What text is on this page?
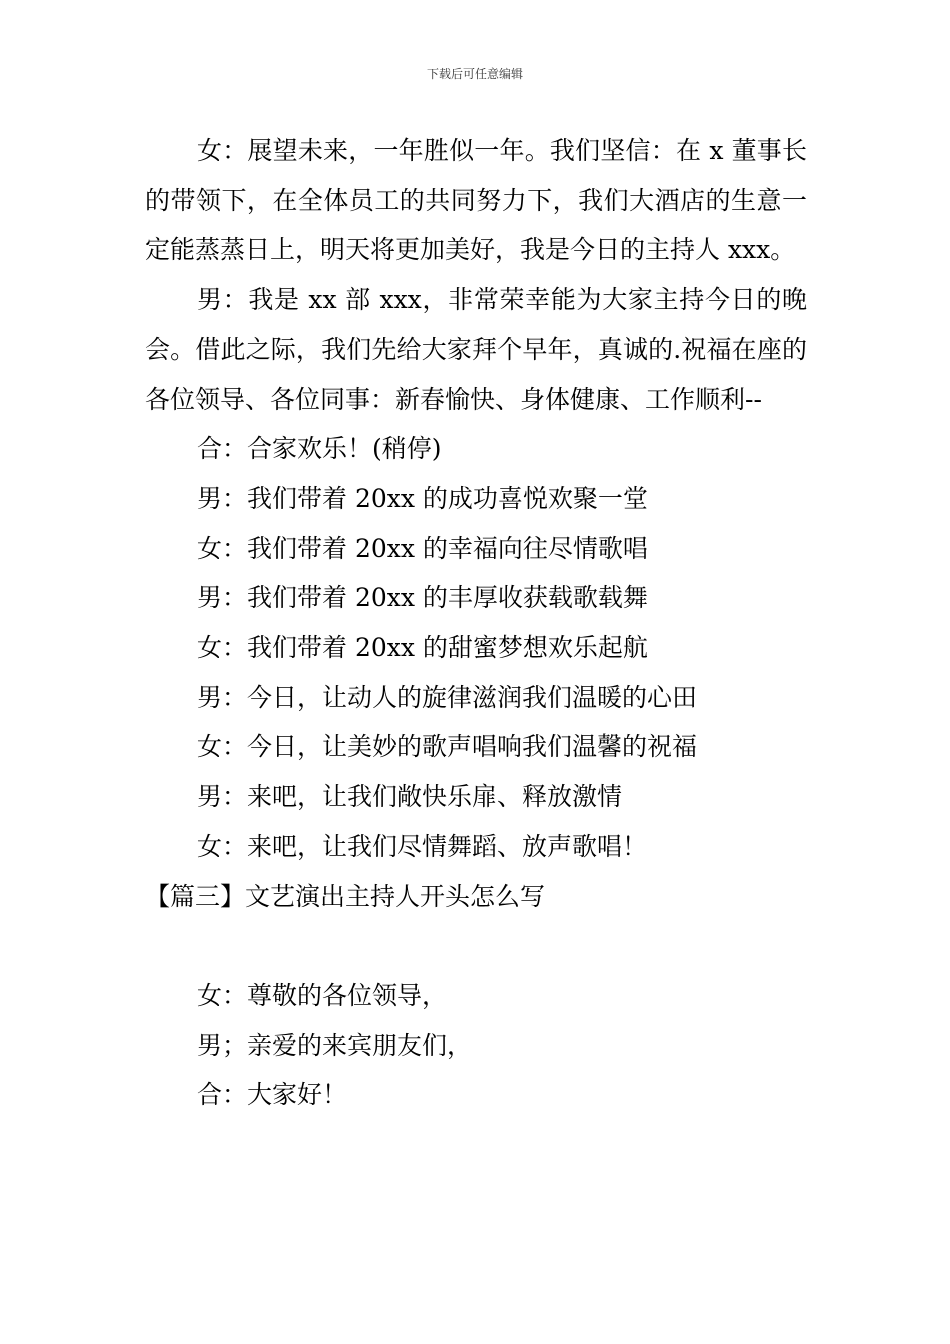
下载后可任意编辑

女：展望未来，一年胜似一年。我们坚信：在 x 董事长的带领下，在全体员工的共同努力下，我们大酒店的生意一定能蒸蒸日上，明天将更加美好，我是今日的主持人 xxx。

男：我是 xx 部 xxx，非常荣幸能为大家主持今日的晚会。借此之际，我们先给大家拜个早年，真诚的.祝福在座的各位领导、各位同事：新春愉快、身体健康、工作顺利--

合：合家欢乐！(稍停)

男：我们带着 20xx 的成功喜悦欢聚一堂

女：我们带着 20xx 的幸福向往尽情歌唱

男：我们带着 20xx 的丰厚收获载歌载舞

女：我们带着 20xx 的甜蜜梦想欢乐起航

男：今日，让动人的旋律滋润我们温暖的心田

女：今日，让美妙的歌声唱响我们温馨的祝福

男：来吧，让我们敞快乐扉、释放激情

女：来吧，让我们尽情舞蹈、放声歌唱！

【篇三】文艺演出主持人开头怎么写

女：尊敬的各位领导，

男；亲爱的来宾朋友们，

合：大家好！
